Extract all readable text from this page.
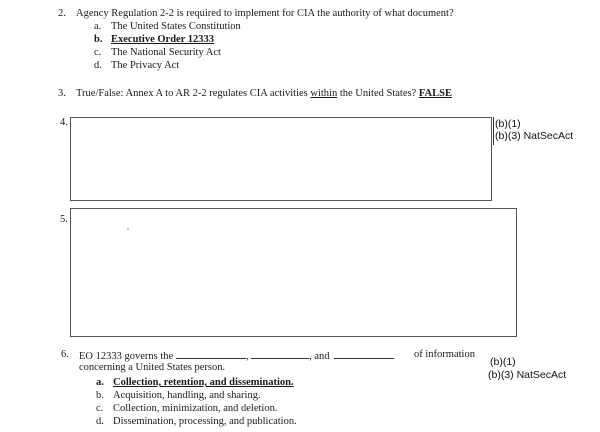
2. Agency Regulation 2-2 is required to implement for CIA the authority of what document?
a. The United States Constitution
b. Executive Order 12333
c. The National Security Act
d. The Privacy Act
3. True/False: Annex A to AR 2-2 regulates CIA activities within the United States? FALSE
4.	(b)(1)
(b)(3) NatSecAct
5.
6. EO 12333 governs the	,	, and	of information
concerning a United States person.
a. Collection, retention, and dissemination.
b. Acquisition, handling, and sharing.
c. Collection, minimization, and deletion.
d. Dissemination, processing, and publication.
(b)(1)
(b)(3) NatSecAct
